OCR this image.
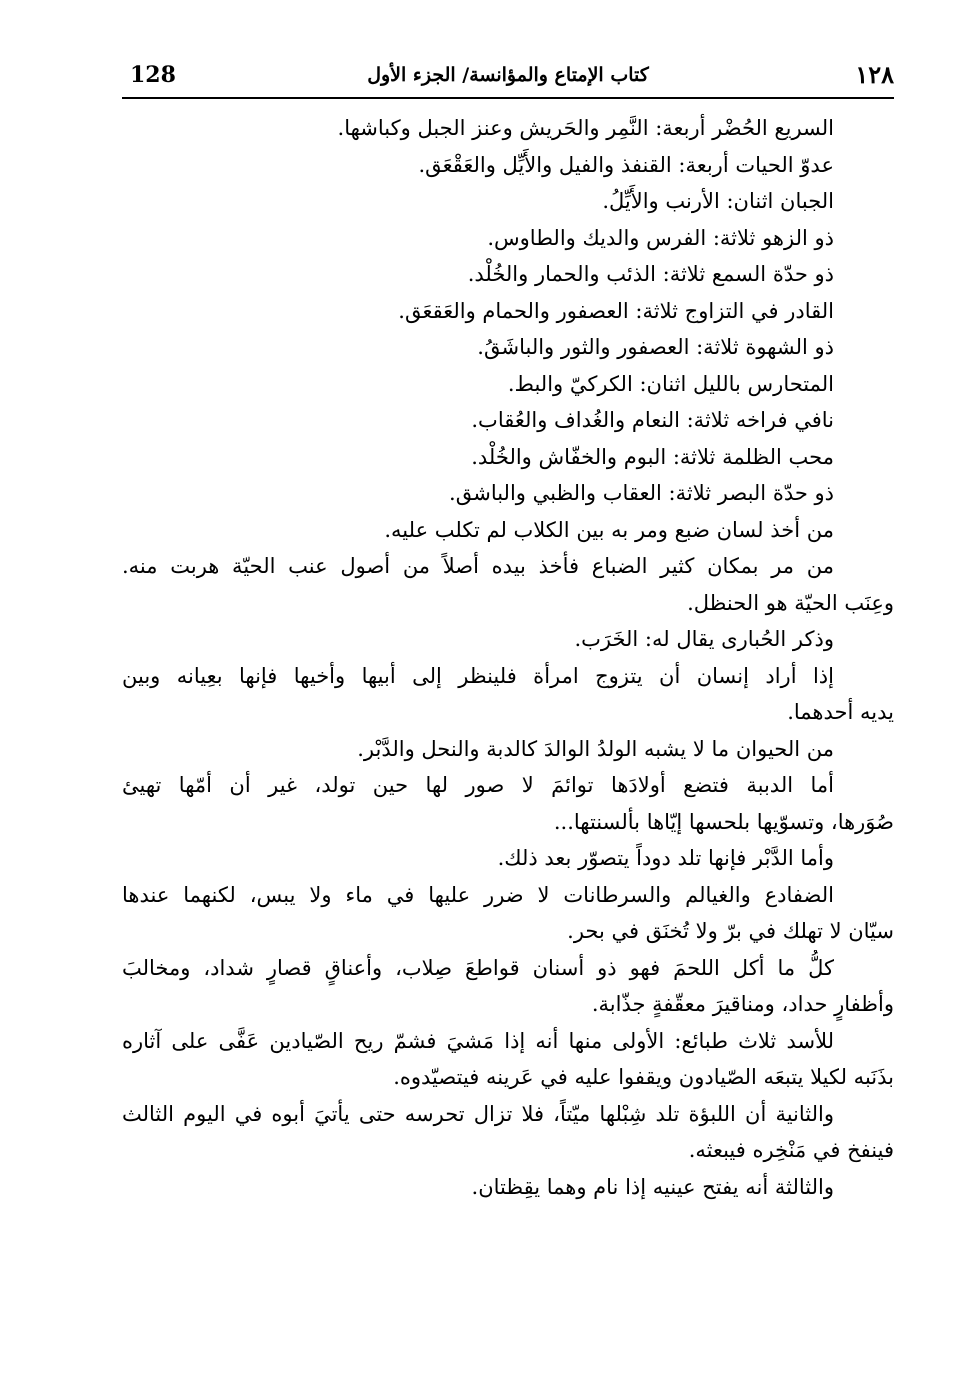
128	كتاب الإمتاع والمؤانسة/ الجزء الأول	١٢٨
السريع الحُضْر أربعة: النَّمِر والحَريش وعنز الجبل وكباشها.
عدوّ الحيات أربعة: القنفذ والفيل والأَيِّل والعَقْعَق.
الجبان اثنان: الأرنب والأَيِّلُ.
ذو الزهو ثلاثة: الفرس والديك والطاوس.
ذو حدّة السمع ثلاثة: الذئب والحمار والخُلْد.
القادر في التزاوج ثلاثة: العصفور والحمام والعَقعَق.
ذو الشهوة ثلاثة: العصفور والثور والباشَقُ.
المتحارس بالليل اثنان: الكركيّ والبط.
نافي فراخه ثلاثة: النعام والغُداف والعُقاب.
محب الظلمة ثلاثة: البوم والخفّاش والخُلْد.
ذو حدّة البصر ثلاثة: العقاب والظبي والباشق.
من أخذ لسان ضبع ومر به بين الكلاب لم تكلب عليه.
من مر بمكان كثير الضباع فأخذ بيده أصلاً من أصول عنب الحيّة هربت منه.
وعِنَب الحيّة هو الحنظل.
وذكر الحُبارى يقال له: الخَرَب.
إذا أراد إنسان أن يتزوج امرأة فلينظر إلى أبيها وأخيها فإنها بعِيانه وبين
يديه أحدهما.
من الحيوان ما لا يشبه الولدُ الوالدَ كالدبة والنحل والدَّبْر.
أما الدببة فتضع أولادَها توائمَ لا صور لها حين تولد، غير أن أمّها تهيئ
صُوَرها، وتسوّيها بلحسها إيّاها بألسنتها...
وأما الدَّبْر فإنها تلد دوداً يتصوّر بعد ذلك.
الضفادع والغيالم والسرطانات لا ضرر عليها في ماء ولا يبس، لكنهما عندها
سيّان لا تهلك في برّ ولا تُخنَق في بحر.
كلُّ ما أكل اللحمَ فهو ذو أسنان قواطعَ صِلاب، وأعناقٍ قصارٍ شداد، ومخالبَ
وأظفارٍ حداد، ومناقيرَ معقّفةٍ جذّابة.
للأسد ثلاث طبائع: الأولى منها أنه إذا مَشيَ فشمّ ريح الصّيادين عَفَّى على آثاره
بذَنَبه لكيلا يتبعَه الصّيادون ويقفوا عليه في عَرينه فيتصيّدوه.
والثانية أن اللبؤة تلد شِبْلها ميّتاً، فلا تزال تحرسه حتى يأتيَ أبوه في اليوم الثالث
فينفخ في مَنْخِره فيبعثه.
والثالثة أنه يفتح عينيه إذا نام وهما يقِظتان.
